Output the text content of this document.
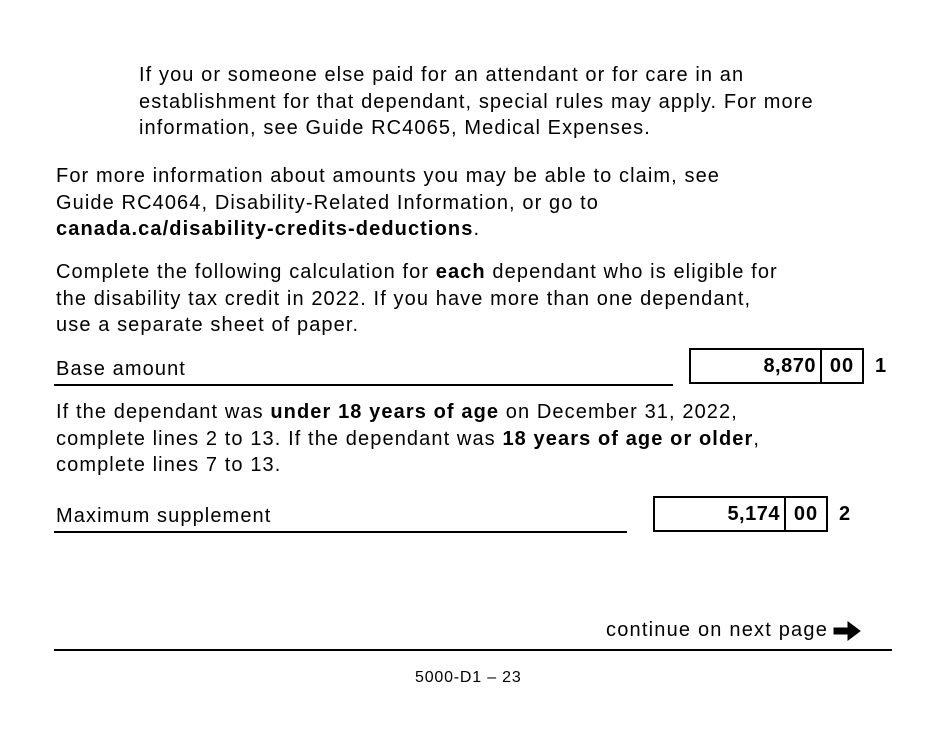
If you or someone else paid for an attendant or for care in an
establishment for that dependant, special rules may apply. For more
information, see Guide RC4065, Medical Expenses.
For more information about amounts you may be able to claim, see
Guide RC4064, Disability-Related Information, or go to
canada.ca/disability-credits-deductions.
Complete the following calculation for each dependant who is eligible for
the disability tax credit in 2022. If you have more than one dependant,
use a separate sheet of paper.
Base amount	8,870 00	1
If the dependant was under 18 years of age on December 31, 2022,
complete lines 2 to 13. If the dependant was 18 years of age or older,
complete lines 7 to 13.
Maximum supplement	5,174 00	2
continue on next page
5000-D1 – 23
